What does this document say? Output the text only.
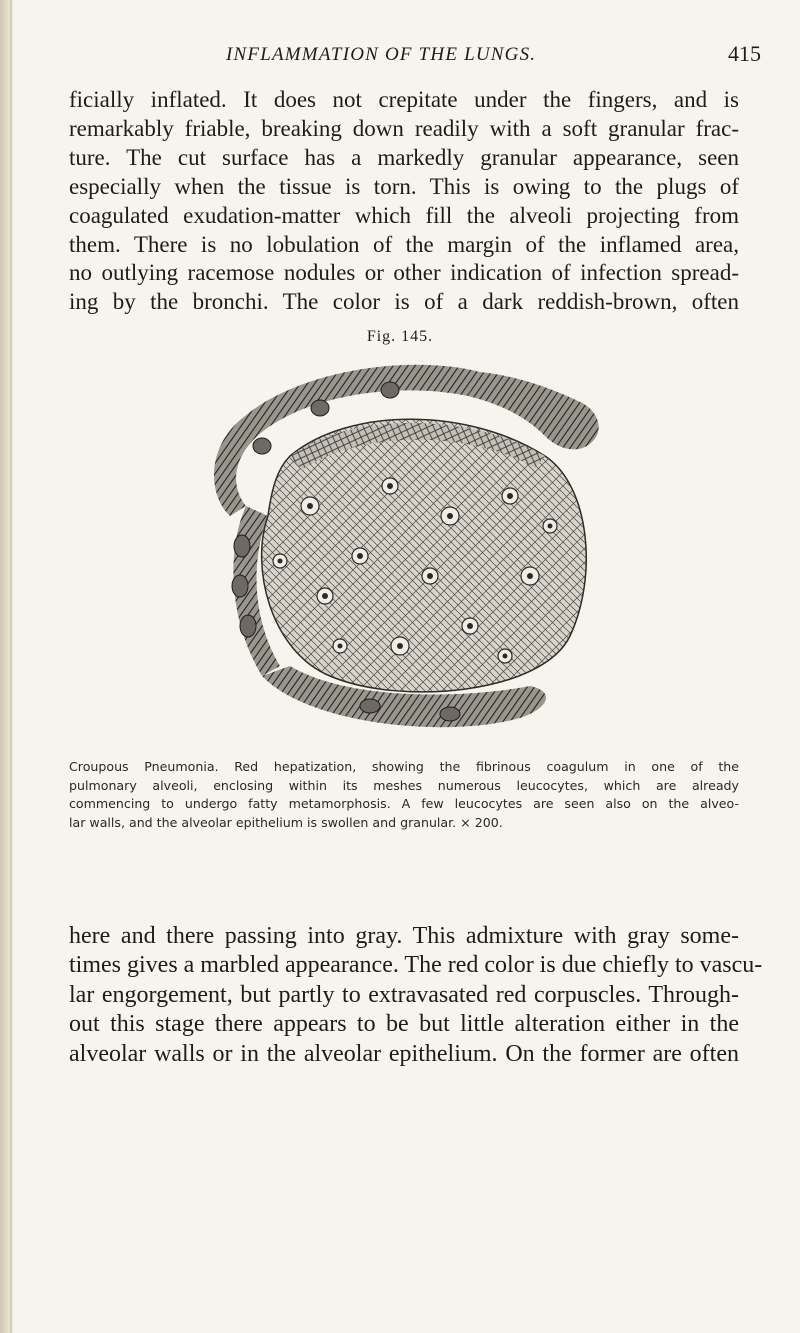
INFLAMMATION OF THE LUNGS.	415

ficially inflated. It does not crepitate under the fingers, and is
remarkably friable, breaking down readily with a soft granular frac-
ture. The cut surface has a markedly granular appearance, seen
especially when the tissue is torn. This is owing to the plugs of
coagulated exudation-matter which fill the alveoli projecting from
them. There is no lobulation of the margin of the inflamed area,
no outlying racemose nodules or other indication of infection spread-
ing by the bronchi. The color is of a dark reddish-brown, often

Fig. 145.

Croupous Pneumonia. Red hepatization, showing the fibrinous coagulum in one of the
pulmonary alveoli, enclosing within its meshes numerous leucocytes, which are already
commencing to undergo fatty metamorphosis. A few leucocytes are seen also on the alveo-
lar walls, and the alveolar epithelium is swollen and granular. × 200.

here and there passing into gray. This admixture with gray some-
times gives a marbled appearance. The red color is due chiefly to vascu-
lar engorgement, but partly to extravasated red corpuscles. Through-
out this stage there appears to be but little alteration either in the
alveolar walls or in the alveolar epithelium. On the former are often
